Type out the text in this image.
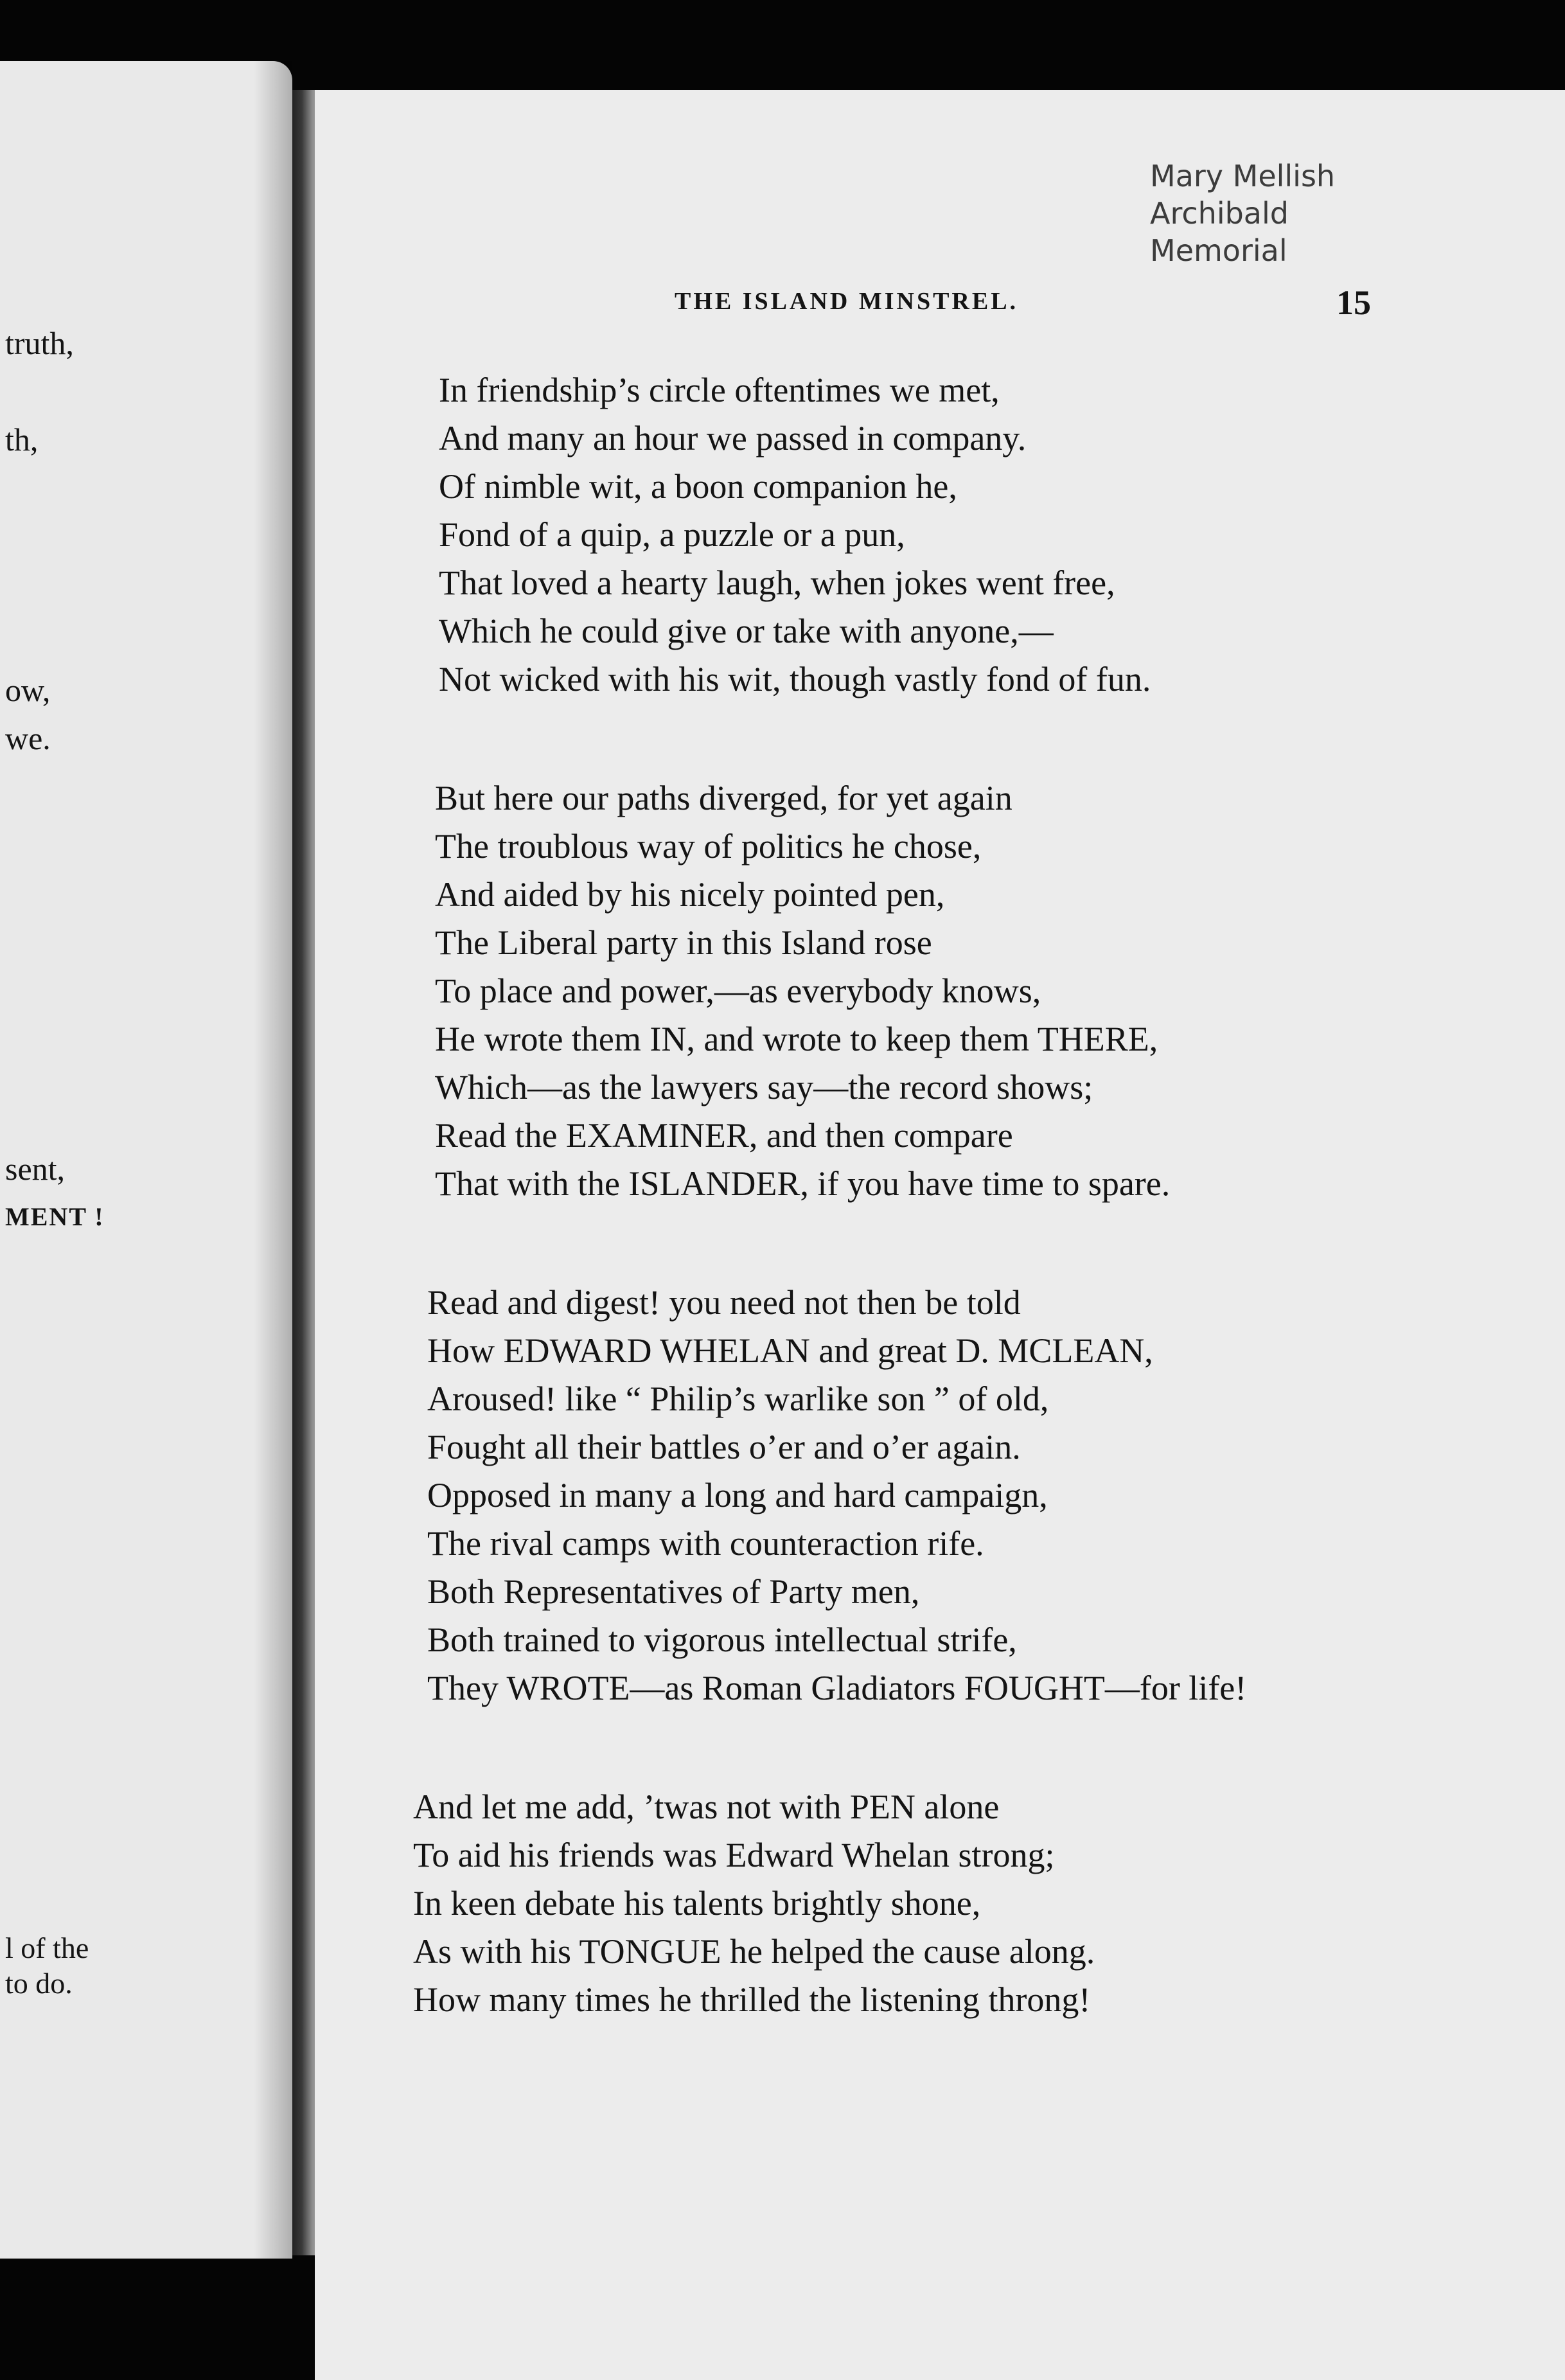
truth,
th,
ow,
we.
sent,
MENT !
l of the
to do.
Mary Mellish
Archibald
Memorial
THE ISLAND MINSTREL.	15
In friendship’s circle oftentimes we met,
And many an hour we passed in company.
Of nimble wit, a boon companion he,
Fond of a quip, a puzzle or a pun,
That loved a hearty laugh, when jokes went free,
Which he could give or take with anyone,—
Not wicked with his wit, though vastly fond of fun.
But here our paths diverged, for yet again
The troublous way of politics he chose,
And aided by his nicely pointed pen,
The Liberal party in this Island rose
To place and power,—as everybody knows,
He wrote them IN, and wrote to keep them THERE,
Which—as the lawyers say—the record shows;
Read the EXAMINER, and then compare
That with the ISLANDER, if you have time to spare.
Read and digest! you need not then be told
How EDWARD WHELAN and great D. MCLEAN,
Aroused! like “ Philip’s warlike son ” of old,
Fought all their battles o’er and o’er again.
Opposed in many a long and hard campaign,
The rival camps with counteraction rife.
Both Representatives of Party men,
Both trained to vigorous intellectual strife,
They WROTE—as Roman Gladiators FOUGHT—for life!
And let me add, ’twas not with PEN alone
To aid his friends was Edward Whelan strong;
In keen debate his talents brightly shone,
As with his TONGUE he helped the cause along.
How many times he thrilled the listening throng!
